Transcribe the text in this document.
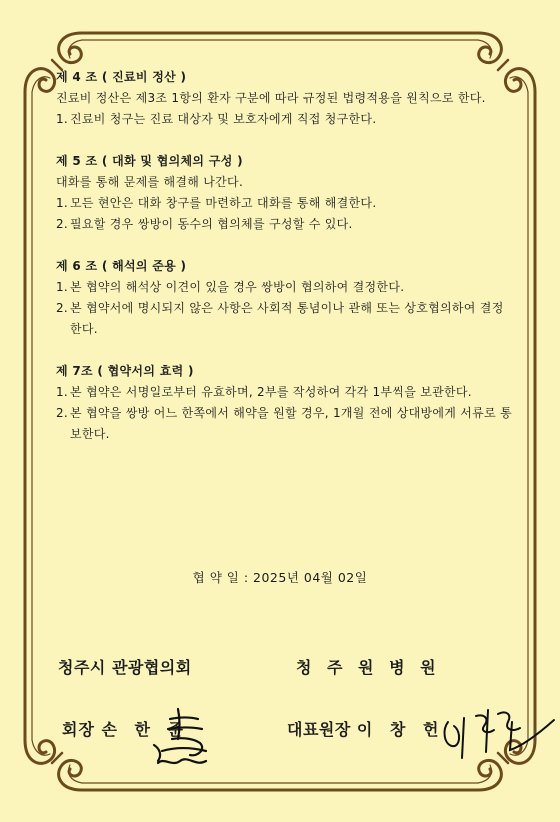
제 4 조 ( 진료비 정산 )

진료비 정산은 제3조 1항의 환자 구분에 따라 규정된 법령적용을 원칙으로 한다.

1. 진료비 청구는 진료 대상자 및 보호자에게 직접 청구한다.
제 5 조 ( 대화 및 협의체의 구성 )

대화를 통해 문제를 해결해 나간다.

1. 모든 현안은 대화 창구를 마련하고 대화를 통해 해결한다.
2. 필요할 경우 쌍방이 동수의 협의체를 구성할 수 있다.
제 6 조 ( 해석의 준용 )
1. 본 협약의 해석상 이견이 있을 경우 쌍방이 협의하여 결정한다.
2. 본 협약서에 명시되지 않은 사항은 사회적 통념이나 관해 또는 상호협의하여 결정한다.
제 7조 ( 협약서의 효력 )
1. 본 협약은 서명일로부터 유효하며, 2부를 작성하여 각각 1부씩을 보관한다.
2. 본 협약을 쌍방 어느 한쪽에서 해약을 원할 경우, 1개월 전에 상대방에게 서류로 통보한다.
협 약 일 : 2025년 04월 02일
청주시 관광협의회	청 주 원 병 원
회장 손 한 준	대표원장 이 창 헌
